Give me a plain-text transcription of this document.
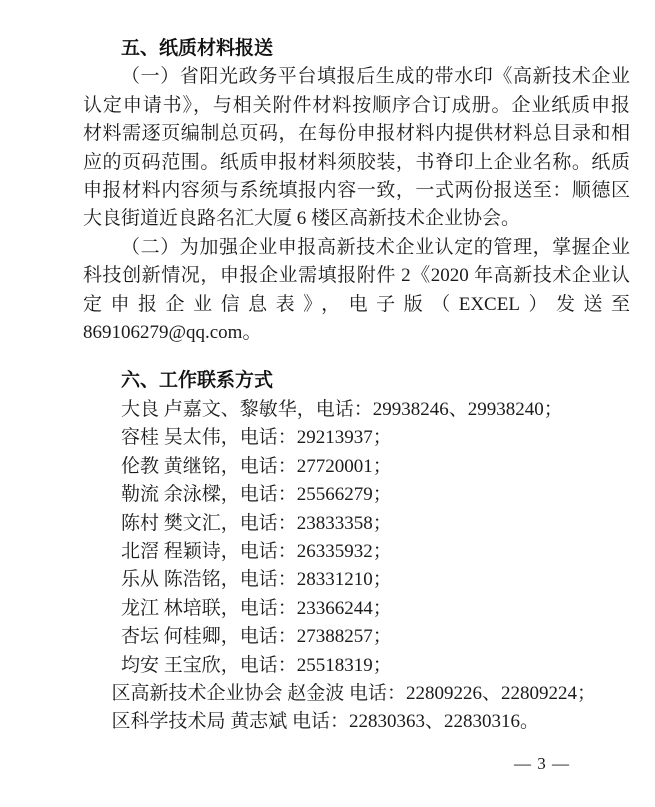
五、纸质材料报送
（一）省阳光政务平台填报后生成的带水印《高新技术企业
认定申请书》，与相关附件材料按顺序合订成册。企业纸质申报
材料需逐页编制总页码，在每份申报材料内提供材料总目录和相
应的页码范围。纸质申报材料须胶装，书脊印上企业名称。纸质
申报材料内容须与系统填报内容一致，一式两份报送至：顺德区
大良街道近良路名汇大厦 6 楼区高新技术企业协会。
（二）为加强企业申报高新技术企业认定的管理，掌握企业
科技创新情况，申报企业需填报附件 2《2020 年高新技术企业认
定申报企业信息表》，电子版（EXCEL）发送至
869106279@qq.com。
六、工作联系方式
大良 卢嘉文、黎敏华，电话：29938246、29938240；
容桂 吴太伟，电话：29213937；
伦教 黄继铭，电话：27720001；
勒流 余泳樑，电话：25566279；
陈村 樊文汇，电话：23833358；
北滘 程颖诗，电话：26335932；
乐从 陈浩铭，电话：28331210；
龙江 林培联，电话：23366244；
杏坛 何桂卿，电话：27388257；
均安 王宝欣，电话：25518319；
区高新技术企业协会 赵金波 电话：22809226、22809224；
区科学技术局 黄志斌 电话：22830363、22830316。
— 3 —
